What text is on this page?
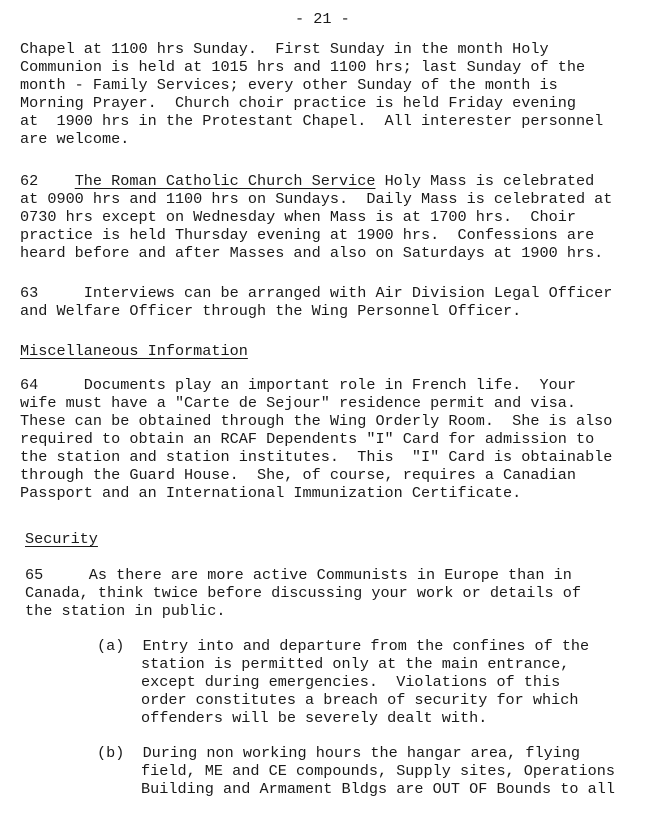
- 21 -
Chapel at 1100 hrs Sunday.  First Sunday in the month Holy
Communion is held at 1015 hrs and 1100 hrs; last Sunday of the
month - Family Services; every other Sunday of the month is
Morning Prayer.  Church choir practice is held Friday evening
at  1900 hrs in the Protestant Chapel.  All interester personnel
are welcome.
62    The Roman Catholic Church Service Holy Mass is celebrated
at 0900 hrs and 1100 hrs on Sundays.  Daily Mass is celebrated at
0730 hrs except on Wednesday when Mass is at 1700 hrs.  Choir
practice is held Thursday evening at 1900 hrs.  Confessions are
heard before and after Masses and also on Saturdays at 1900 hrs.
63     Interviews can be arranged with Air Division Legal Officer
and Welfare Officer through the Wing Personnel Officer.
Miscellaneous Information
64     Documents play an important role in French life.  Your
wife must have a "Carte de Sejour" residence permit and visa.
These can be obtained through the Wing Orderly Room.  She is also
required to obtain an RCAF Dependents "I" Card for admission to
the station and station institutes.  This  "I" Card is obtainable
through the Guard House.  She, of course, requires a Canadian
Passport and an International Immunization Certificate.
Security
65     As there are more active Communists in Europe than in
Canada, think twice before discussing your work or details of
the station in public.
(a)  Entry into and departure from the confines of the
station is permitted only at the main entrance,
except during emergencies.  Violations of this
order constitutes a breach of security for which
offenders will be severely dealt with.
(b)  During non working hours the hangar area, flying
field, ME and CE compounds, Supply sites, Operations
Building and Armament Bldgs are OUT OF Bounds to all
